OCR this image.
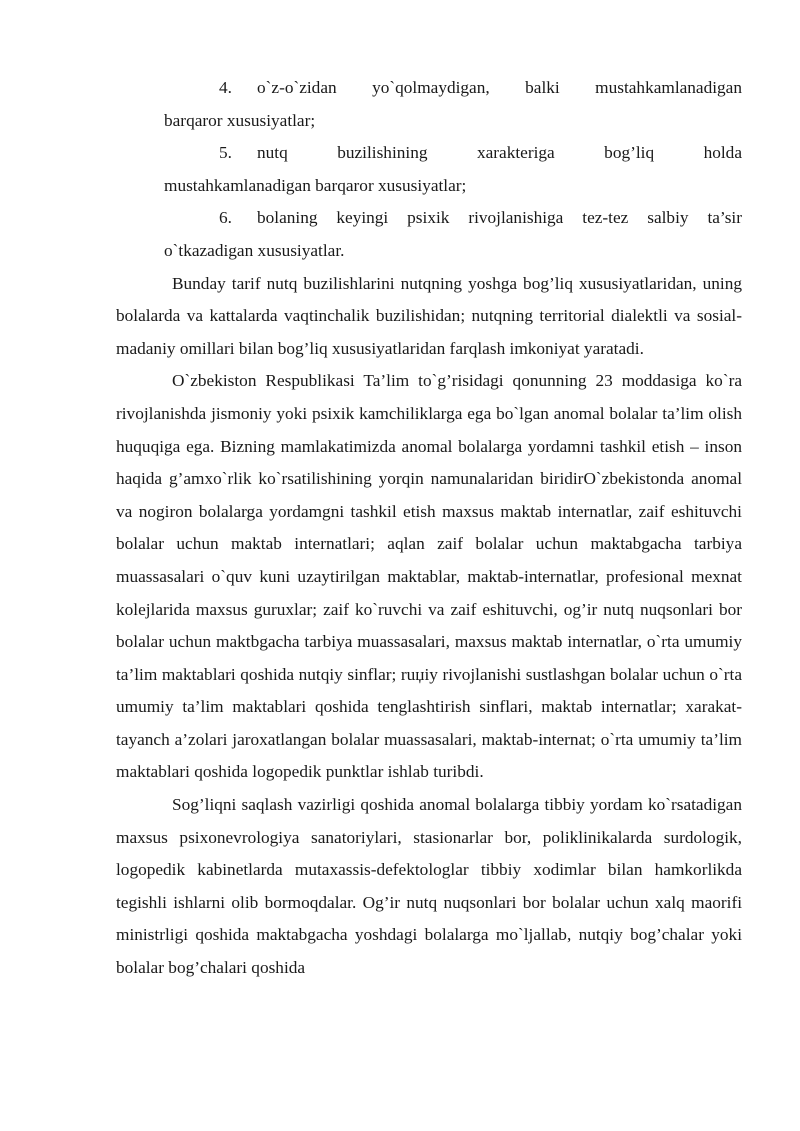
4. o`z-o`zidan yo`qolmaydigan, balki mustahkamlanadigan
barqaror xususiyatlar;
5. nutq buzilishining xarakteriga bog’liq holda
mustahkamlanadigan barqaror xususiyatlar;
6. bolaning keyingi psixik rivojlanishiga tez-tez salbiy ta’sir
o`tkazadigan xususiyatlar.

Bunday tarif nutq buzilishlarini nutqning yoshga bog’liq xususiyatlaridan, uning bolalarda va kattalarda vaqtinchalik buzilishidan; nutqning territorial dialektli va sosial-madaniy omillari bilan bog’liq xususiyatlaridan farqlash imkoniyat yaratadi.

O`zbekiston Respublikasi Ta’lim to`g’risidagi qonunning 23 moddasiga ko`ra rivojlanishda jismoniy yoki psixik kamchiliklarga ega bo`lgan anomal bolalar ta’lim olish huquqiga ega. Bizning mamlakatimizda anomal bolalarga yordamni tashkil etish – inson haqida g’amxo`rlik ko`rsatilishining yorqin namunalaridan biridirO`zbekistonda anomal va nogiron bolalarga yordamgni tashkil etish maxsus maktab internatlar, zaif eshituvchi bolalar uchun maktab internatlari; aqlan zaif bolalar uchun maktabgacha tarbiya muassasalari o`quv kuni uzaytirilgan maktablar, maktab-internatlar, profesional mexnat kolejlarida maxsus guruxlar; zaif ko`ruvchi va zaif eshituvchi, og’ir nutq nuqsonlari bor bolalar uchun maktbgacha tarbiya muassasalari, maxsus maktab internatlar, o`rta umumiy ta’lim maktablari qoshida nutqiy sinflar; ruџiy rivojlanishi sustlashgan bolalar uchun o`rta umumiy ta’lim maktablari qoshida tenglashtirish sinflari, maktab internatlar; xarakat-tayanch a’zolari jaroxatlangan bolalar muassasalari, maktab-internat; o`rta umumiy ta’lim maktablari qoshida logopedik punktlar ishlab turibdi.

Sog’liqni saqlash vazirligi qoshida anomal bolalarga tibbiy yordam ko`rsatadigan maxsus psixonevrologiya sanatoriylari, stasionarlar bor, poliklinikalarda surdologik, logopedik kabinetlarda mutaxassis-defektologlar tibbiy xodimlar bilan hamkorlikda tegishli ishlarni olib bormoqdalar. Og’ir nutq nuqsonlari bor bolalar uchun xalq maorifi ministrligi qoshida maktabgacha yoshdagi bolalarga mo`ljallab, nutqiy bog’chalar yoki bolalar bog’chalari qoshida
